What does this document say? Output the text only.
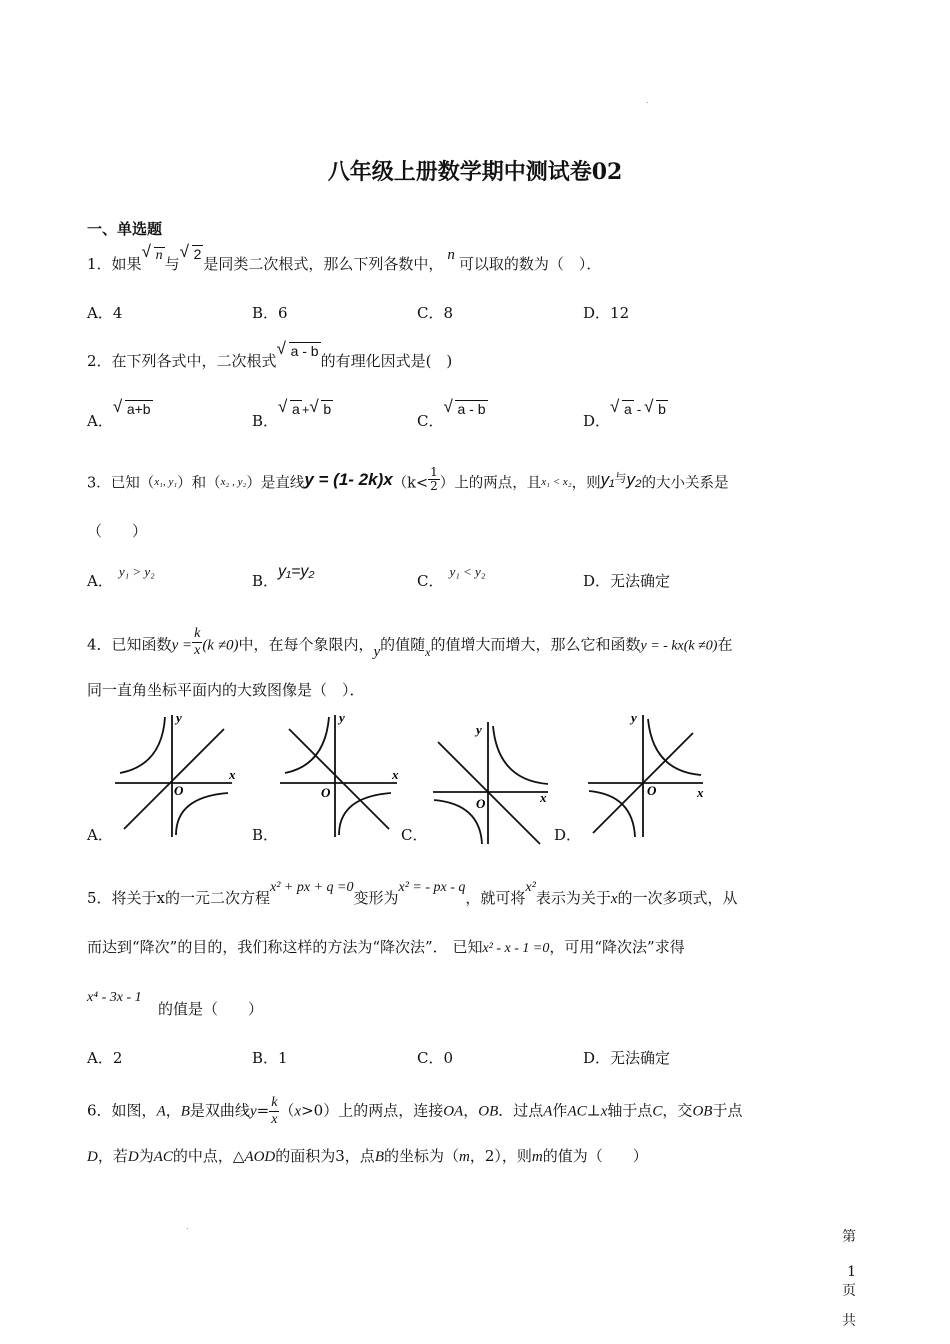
.
.
八年级上册数学期中测试卷02
一、单选题
1．如果
√ n 与
√ 2是同类二次根式，那么下列各数中， n 可以取的数为（　）．
A．4	B．6	C．8	D．12
2．在下列各式中，二次根式
√ a - b的有理化因式是(　)
A．
√ a+b
B．
√ a + √ b
C．
√ a - b
D．
√ a - √ b
3．已知（$^{x_1, y_1}$）和（$^{x_2 , y_2}$）是直线y = (1- $2k)x(k< \frac{1}{2}$ ）上的两点，且$^{x_1 < x_2}$，则y₁$^与$y₂的大小关系是
（　　）
A．y₁ > y₂
B．y₁=y₂
C．y₁ < y₂
D．无法确定
4．已知函数$y = \frac{k}{x} (k \ne 0)$中，在每个象限内，y的值随$_x$的值增大而增大，那么它和函数y = - kx(k ≠0)在
同一直角坐标平面内的大致图像是（　）．
A．	B．	C．	D．
x
y
O
x
y
O	x
y
O
x
y
O
5．将关于x的一元二次方程x² + px + q =0变形为x² = - px - q，就可将x²表示为关于x的一次多项式，从
而达到“降次”的目的，我们称这样的方法为“降次法”． 已知x² - x - 1 =0，可用“降次法”求得
x⁴ - 3x - 1
的值是（　　）
A．2	B．1	C．0	D．无法确定
6．如图，A，B是双曲线$y= \frac{k}{x} (x>0)$上的两点，连接OA，OB．过点A作AC⊥x轴于点C，交OB于点
D，若D为AC的中点，△AOD的面积为3，点B的坐标为（m，2），则m的值为（　　）
第
1
页
共
